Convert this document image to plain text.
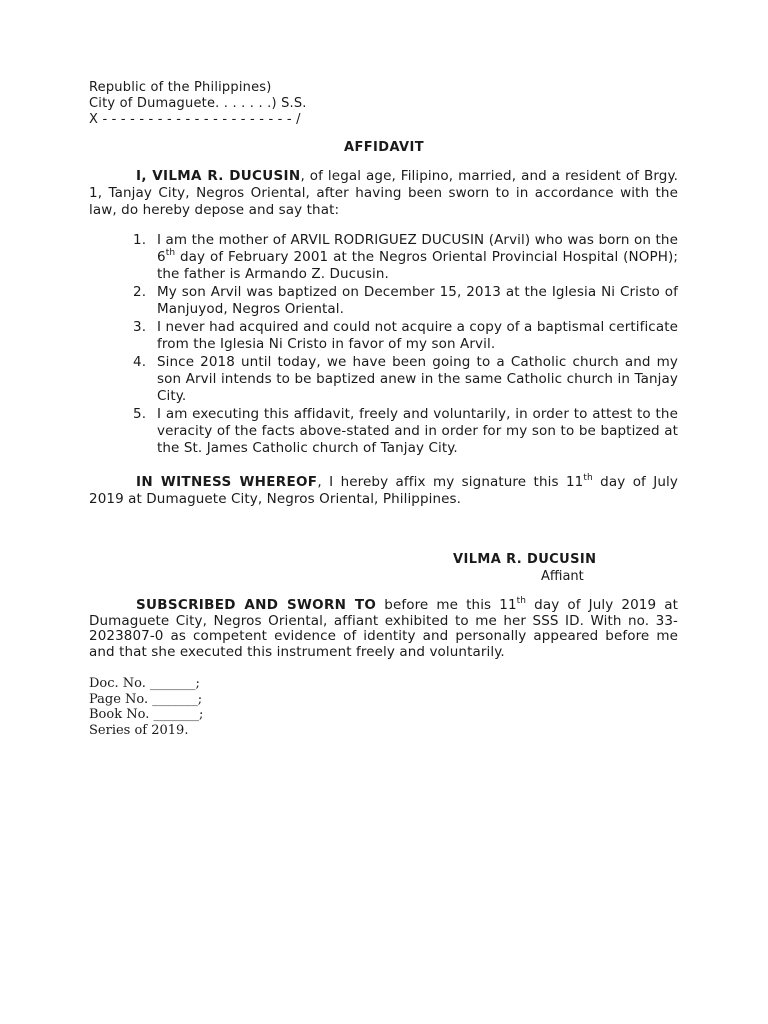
Republic of the Philippines)
City of Dumaguete. . . . . . .) S.S.
X - - - - - - - - - - - - - - - - - - - - - /
AFFIDAVIT
I, VILMA R. DUCUSIN, of legal age, Filipino, married, and a resident of Brgy. 1, Tanjay City, Negros Oriental, after having been sworn to in accordance with the law, do hereby depose and say that:
1. I am the mother of ARVIL RODRIGUEZ DUCUSIN (Arvil) who was born on the 6th day of February 2001 at the Negros Oriental Provincial Hospital (NOPH); the father is Armando Z. Ducusin.
2. My son Arvil was baptized on December 15, 2013 at the Iglesia Ni Cristo of Manjuyod, Negros Oriental.
3. I never had acquired and could not acquire a copy of a baptismal certificate from the Iglesia Ni Cristo in favor of my son Arvil.
4. Since 2018 until today, we have been going to a Catholic church and my son Arvil intends to be baptized anew in the same Catholic church in Tanjay City.
5. I am executing this affidavit, freely and voluntarily, in order to attest to the veracity of the facts above-stated and in order for my son to be baptized at the St. James Catholic church of Tanjay City.
IN WITNESS WHEREOF, I hereby affix my signature this 11th day of July 2019 at Dumaguete City, Negros Oriental, Philippines.
VILMA R. DUCUSIN
Affiant
SUBSCRIBED AND SWORN TO before me this 11th day of July 2019 at Dumaguete City, Negros Oriental, affiant exhibited to me her SSS ID. With no. 33-2023807-0 as competent evidence of identity and personally appeared before me and that she executed this instrument freely and voluntarily.
Doc. No. _______;
Page No. _______;
Book No. _______;
Series of 2019.
